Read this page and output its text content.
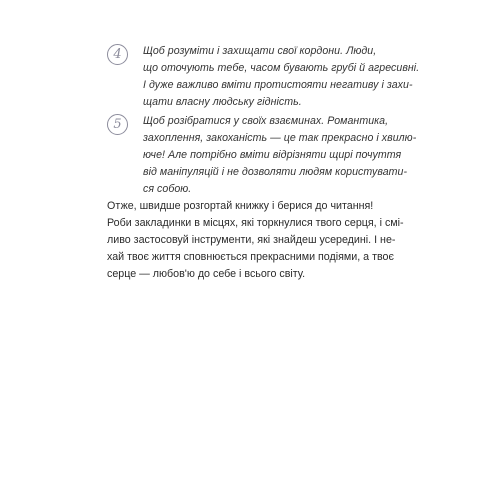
4	Щоб розуміти і захищати свої кордони. Люди,
що оточують тебе, часом бувають грубі й агресивні.
І дуже важливо вміти протистояти негативу і захи-
щати власну людську гідність.
5	Щоб розібратися у своїх взаєминах. Романтика,
захоплення, закоханість — це так прекрасно і хвилю-
юче! Але потрібно вміти відрізняти щирі почуття
від маніпуляцій і не дозволяти людям користувати-
ся собою.
Отже, швидше розгортай книжку і берися до читання!
Роби закладинки в місцях, які торкнулися твого серця, і смі-
ливо застосовуй інструменти, які знайдеш усередині. І не-
хай твоє життя сповнюється прекрасними подіями, а твоє
серце — любов'ю до себе і всього світу.
